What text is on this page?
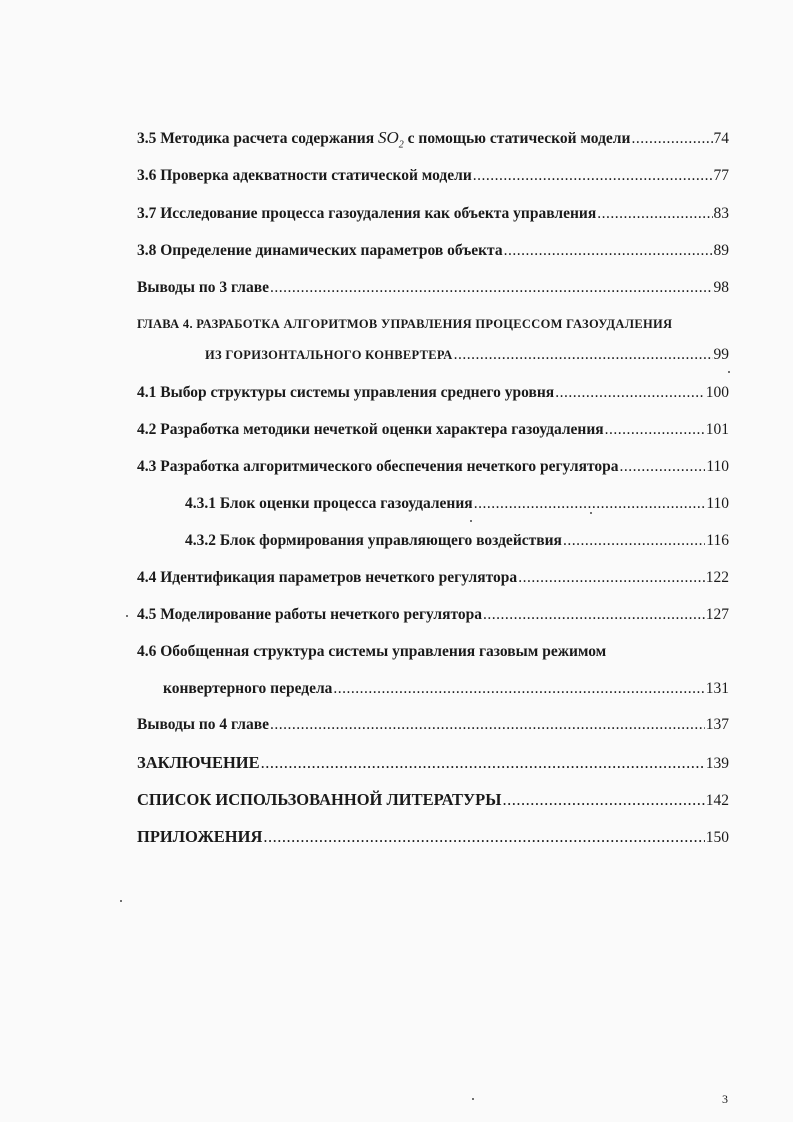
3.5 Методика расчета содержания $SO_2$ с помощью статической модели .....	74
3.6 Проверка адекватности статической модели .....	77
3.7 Исследование процесса газоудаления как объекта управления .....	83
3.8 Определение динамических параметров объекта .....	89
Выводы по 3 главе .....	98
ГЛАВА 4. РАЗРАБОТКА АЛГОРИТМОВ УПРАВЛЕНИЯ ПРОЦЕССОМ ГАЗОУДАЛЕНИЯ
ИЗ ГОРИЗОНТАЛЬНОГО КОНВЕРТЕРА .....	99
4.1 Выбор структуры системы управления среднего уровня .....	100
4.2 Разработка методики нечеткой оценки характера газоудаления .....	101
4.3 Разработка алгоритмического обеспечения нечеткого регулятора .....	110
4.3.1 Блок оценки процесса газоудаления .....	110
4.3.2 Блок формирования управляющего воздействия .....	116
4.4 Идентификация параметров нечеткого регулятора .....	122
4.5 Моделирование работы нечеткого регулятора .....	127
4.6 Обобщенная структура системы управления газовым режимом
конвертерного передела .....	131
Выводы по 4 главе .....	137
ЗАКЛЮЧЕНИЕ .....	139
СПИСОК ИСПОЛЬЗОВАННОЙ ЛИТЕРАТУРЫ .....	142
ПРИЛОЖЕНИЯ .....	150
3
